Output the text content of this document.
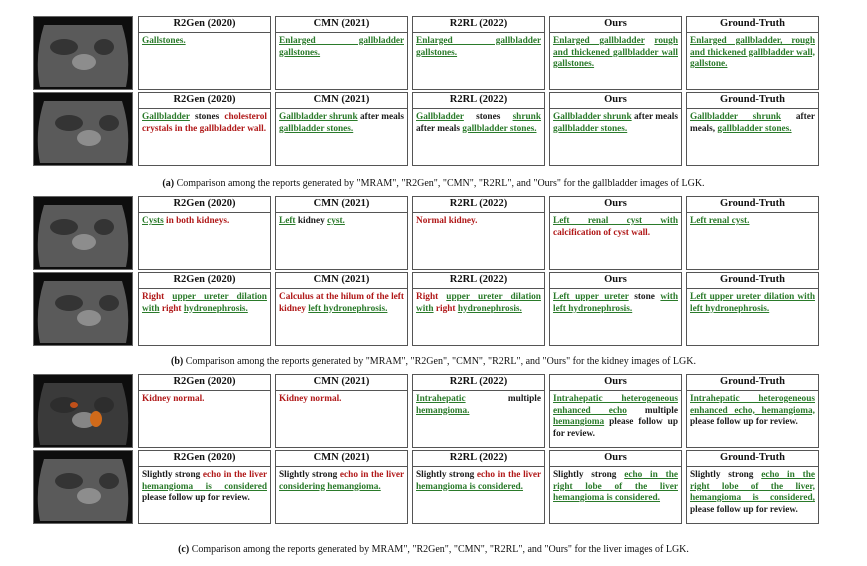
R2Gen (2020)
Gallstones.
CMN (2021)
Enlarged gallbladder gallstones.
R2RL (2022)
Enlarged gallbladder gallstones.
Ours
Enlarged gallbladder rough and thickened gallbladder wall gallstones.
Ground-Truth
Enlarged gallbladder, rough and thickened gallbladder wall, gallstone.
R2Gen (2020)
Gallbladder stones cholesterol crystals in the gallbladder wall.
CMN (2021)
Gallbladder shrunk after meals gallbladder stones.
R2RL (2022)
Gallbladder stones shrunk after meals gallbladder stones.
Ours
Gallbladder shrunk after meals gallbladder stones.
Ground-Truth
Gallbladder shrunk after meals, gallbladder stones.
(a) Comparison among the reports generated by "MRAM", "R2Gen", "CMN", "R2RL", and "Ours" for the gallbladder images of LGK.
R2Gen (2020)
Cysts in both kidneys.
CMN (2021)
Left kidney cyst.
R2RL (2022)
Normal kidney.
Ours
Left renal cyst with calcification of cyst wall.
Ground-Truth
Left renal cyst.
R2Gen (2020)
Right upper ureter dilation with right hydronephrosis.
CMN (2021)
Calculus at the hilum of the left kidney left hydronephrosis.
R2RL (2022)
Right upper ureter dilation with right hydronephrosis.
Ours
Left upper ureter stone with left hydronephrosis.
Ground-Truth
Left upper ureter dilation with left hydronephrosis.
(b) Comparison among the reports generated by "MRAM", "R2Gen", "CMN", "R2RL", and "Ours" for the kidney images of LGK.
R2Gen (2020)
Kidney normal.
CMN (2021)
Kidney normal.
R2RL (2022)
Intrahepatic multiple hemangioma.
Ours
Intrahepatic heterogeneous enhanced echo multiple hemangioma please follow up for review.
Ground-Truth
Intrahepatic heterogeneous enhanced echo, hemangioma, please follow up for review.
R2Gen (2020)
Slightly strong echo in the liver hemangioma is considered please follow up for review.
CMN (2021)
Slightly strong echo in the liver considering hemangioma.
R2RL (2022)
Slightly strong echo in the liver hemangioma is considered.
Ours
Slightly strong echo in the right lobe of the liver hemangioma is considered.
Ground-Truth
Slightly strong echo in the right lobe of the liver, hemangioma is considered, please follow up for review.
(c) Comparison among the reports generated by MRAM", "R2Gen", "CMN", "R2RL", and "Ours" for the liver images of LGK.
